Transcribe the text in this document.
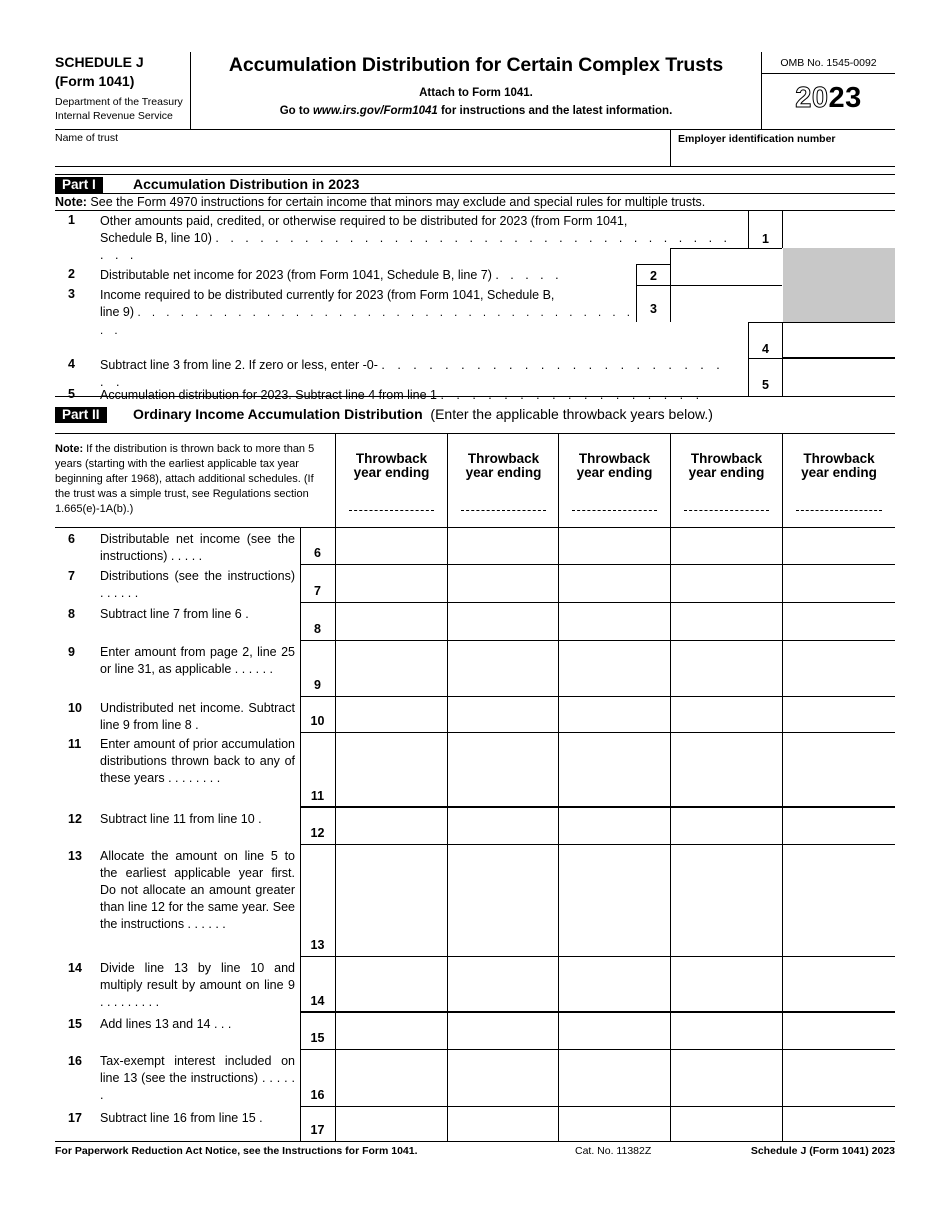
SCHEDULE J
(Form 1041)
Department of the Treasury
Internal Revenue Service
Accumulation Distribution for Certain Complex Trusts
Attach to Form 1041.
Go to www.irs.gov/Form1041 for instructions and the latest information.
OMB No. 1545-0092
2023
Name of trust	Employer identification number
Part I	Accumulation Distribution in 2023
Note: See the Form 4970 instructions for certain income that minors may exclude and special rules for multiple trusts.
1 Other amounts paid, credited, or otherwise required to be distributed for 2023 (from Form 1041,
Schedule B, line 10) . . . . . . . . . . . . . . . . . . . . . . . . . . . . . . . . . . . . . .
1
2 Distributable net income for 2023 (from Form 1041, Schedule B, line 7) . . . . .	2
3 Income required to be distributed currently for 2023 (from Form 1041, Schedule B,
line 9) . . . . . . . . . . . . . . . . . . . . . . . . . . . . . . . . . . . . .
3
4 Subtract line 3 from line 2. If zero or less, enter -0- . . . . . . . . . . . . . . . . . . . . . . . .
4
5 Accumulation distribution for 2023. Subtract line 4 from line 1 . . . . . . . . . . . . . . . . .
5
Part II	Ordinary Income Accumulation Distribution (Enter the applicable throwback years below.)
Note: If the distribution is thrown back to more than 5 years (starting with the earliest applicable tax year beginning after 1968), attach additional schedules. (If the trust was a simple trust, see Regulations section 1.665(e)-1A(b).)
Throwback
year ending
Throwback
year ending
Throwback
year ending
Throwback
year ending
Throwback
year ending
6 Distributable net income (see the instructions) . . . . .	6
7 Distributions (see the instructions) . . . . . .	7
8 Subtract line 7 from line 6 .
8
9 Enter amount from page 2, line 25 or line 31, as applicable . . . . . .
9
10 Undistributed net income. Subtract line 9 from line 8 .	10
11 Enter amount of prior accumulation distributions thrown back to any of these years . . . . . . . .
11
12 Subtract line 11 from line 10 .
12
13 Allocate the amount on line 5 to the earliest applicable year first. Do not allocate an amount greater than line 12 for the same year. See the instructions . . . . . .
13
14 Divide line 13 by line 10 and multiply result by amount on line 9 . . . . . . . . .	14
15 Add lines 13 and 14 . . .
15
16 Tax-exempt interest included on line 13 (see the instructions) . . . . . .	16
17 Subtract line 16 from line 15 .
17
For Paperwork Reduction Act Notice, see the Instructions for Form 1041.	Cat. No. 11382Z	Schedule J (Form 1041) 2023
